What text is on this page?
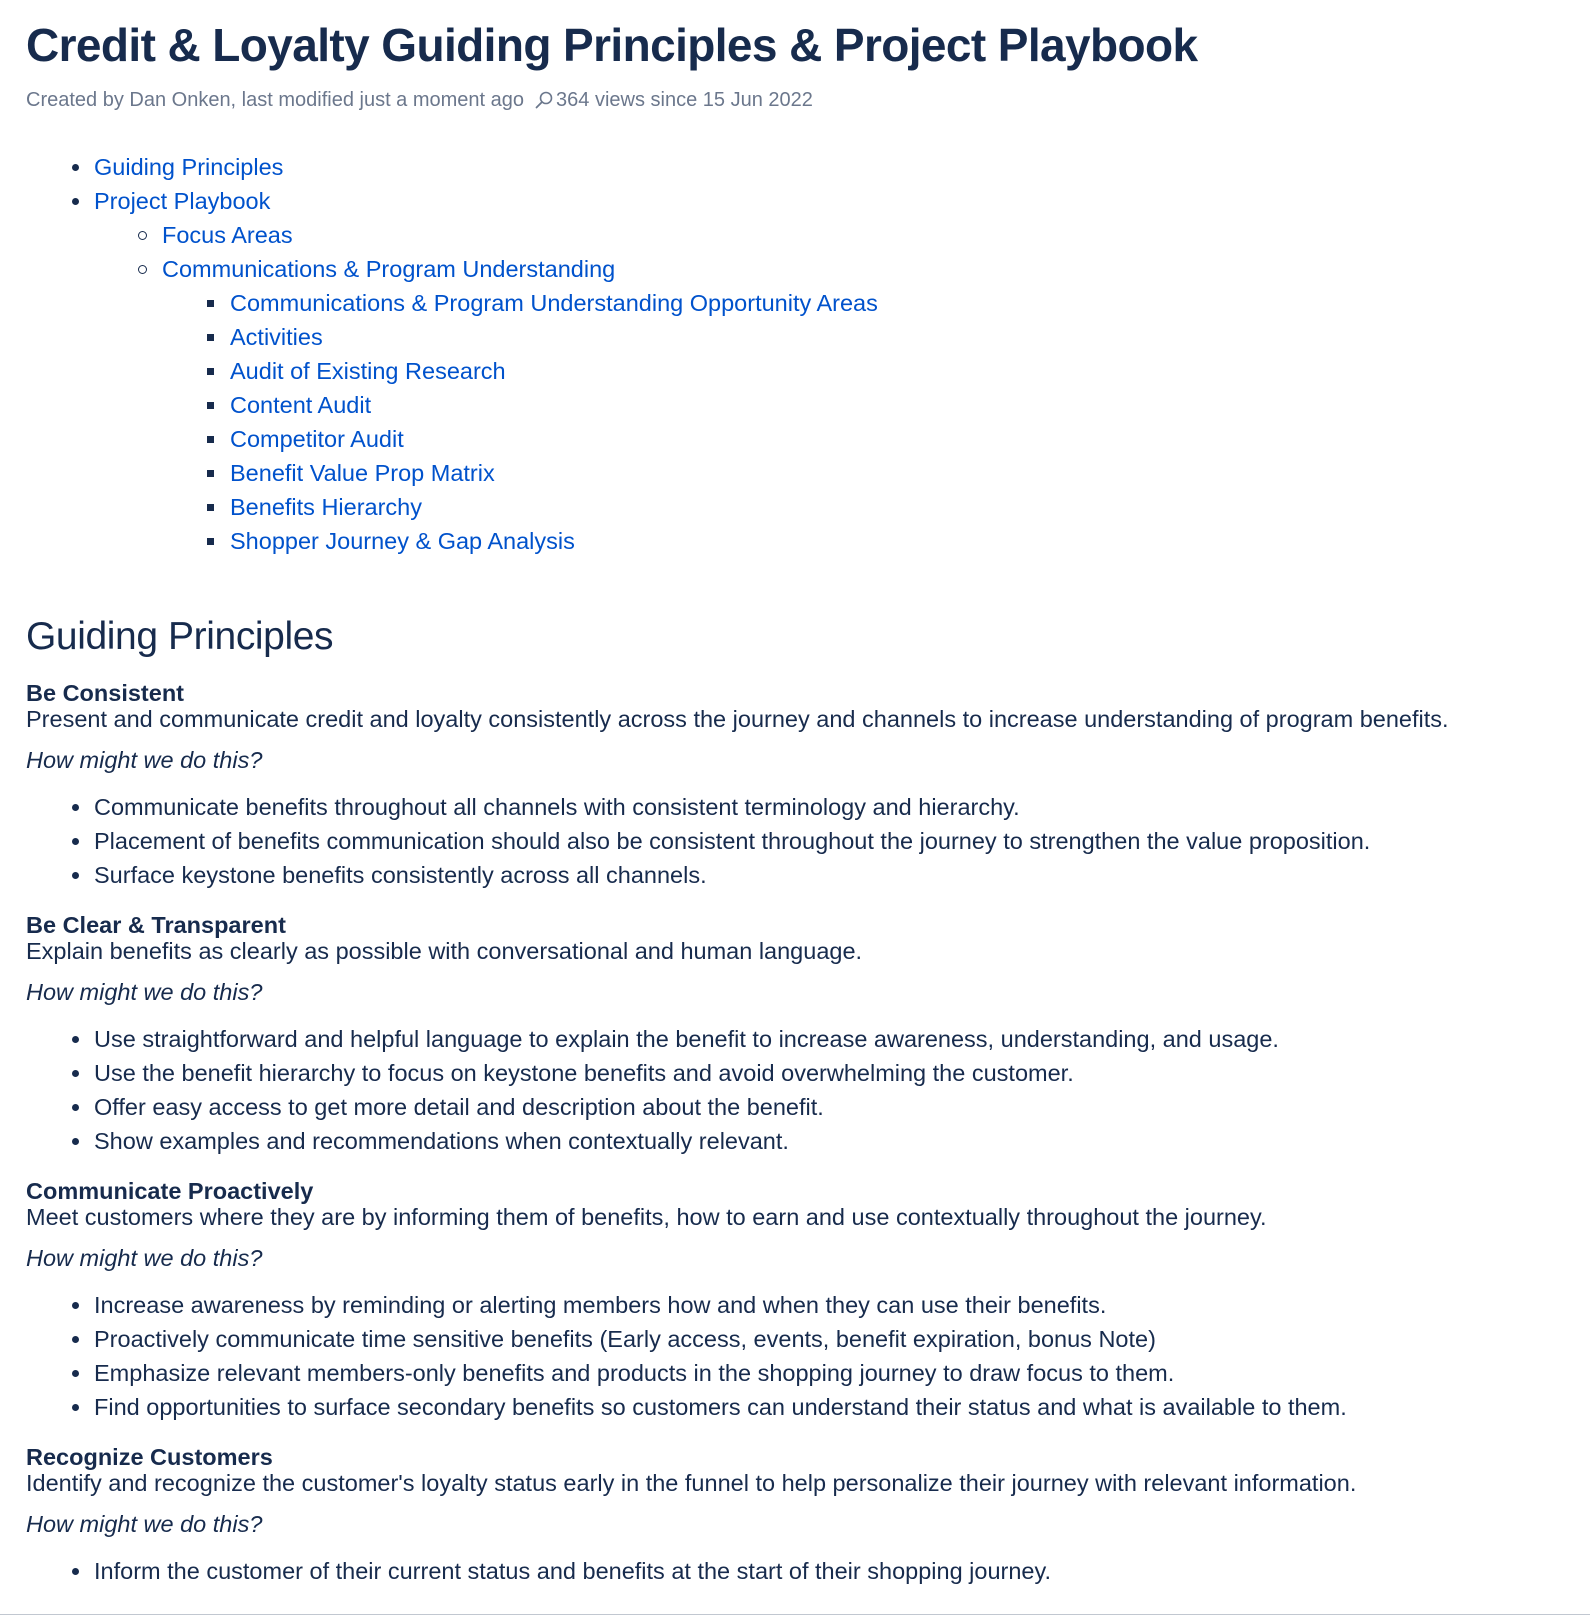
Credit & Loyalty Guiding Principles & Project Playbook
Created by Dan Onken, last modified just a moment ago 364 views since 15 Jun 2022
Guiding Principles
Project Playbook
Focus Areas
Communications & Program Understanding
Communications & Program Understanding Opportunity Areas
Activities
Audit of Existing Research
Content Audit
Competitor Audit
Benefit Value Prop Matrix
Benefits Hierarchy
Shopper Journey & Gap Analysis
Guiding Principles
Be Consistent
Present and communicate credit and loyalty consistently across the journey and channels to increase understanding of program benefits.
How might we do this?
Communicate benefits throughout all channels with consistent terminology and hierarchy.
Placement of benefits communication should also be consistent throughout the journey to strengthen the value proposition.
Surface keystone benefits consistently across all channels.
Be Clear & Transparent
Explain benefits as clearly as possible with conversational and human language.
How might we do this?
Use straightforward and helpful language to explain the benefit to increase awareness, understanding, and usage.
Use the benefit hierarchy to focus on keystone benefits and avoid overwhelming the customer.
Offer easy access to get more detail and description about the benefit.
Show examples and recommendations when contextually relevant.
Communicate Proactively
Meet customers where they are by informing them of benefits, how to earn and use contextually throughout the journey.
How might we do this?
Increase awareness by reminding or alerting members how and when they can use their benefits.
Proactively communicate time sensitive benefits (Early access, events, benefit expiration, bonus Note)
Emphasize relevant members-only benefits and products in the shopping journey to draw focus to them.
Find opportunities to surface secondary benefits so customers can understand their status and what is available to them.
Recognize Customers
Identify and recognize the customer's loyalty status early in the funnel to help personalize their journey with relevant information.
How might we do this?
Inform the customer of their current status and benefits at the start of their shopping journey.
